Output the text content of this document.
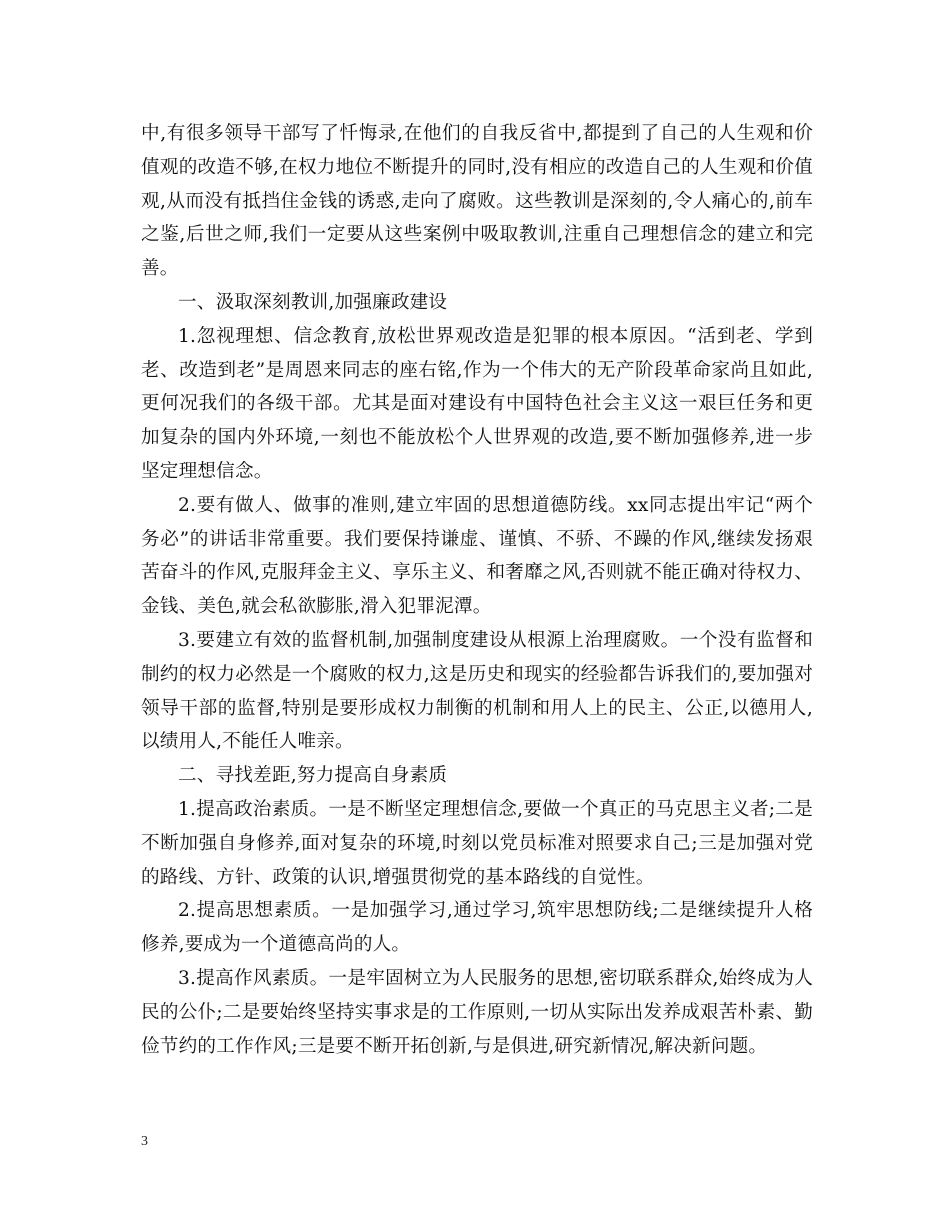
中,有很多领导干部写了忏悔录,在他们的自我反省中,都提到了自己的人生观和价值观的改造不够,在权力地位不断提升的同时,没有相应的改造自己的人生观和价值观,从而没有抵挡住金钱的诱惑,走向了腐败。这些教训是深刻的,令人痛心的,前车之鉴,后世之师,我们一定要从这些案例中吸取教训,注重自己理想信念的建立和完善。

一、汲取深刻教训,加强廉政建设

1.忽视理想、信念教育,放松世界观改造是犯罪的根本原因。“活到老、学到老、改造到老”是周恩来同志的座右铭,作为一个伟大的无产阶段革命家尚且如此,更何况我们的各级干部。尤其是面对建设有中国特色社会主义这一艰巨任务和更加复杂的国内外环境,一刻也不能放松个人世界观的改造,要不断加强修养,进一步坚定理想信念。

2.要有做人、做事的准则,建立牢固的思想道德防线。xx同志提出牢记“两个务必”的讲话非常重要。我们要保持谦虚、谨慎、不骄、不躁的作风,继续发扬艰苦奋斗的作风,克服拜金主义、享乐主义、和奢靡之风,否则就不能正确对待权力、金钱、美色,就会私欲膨胀,滑入犯罪泥潭。

3.要建立有效的监督机制,加强制度建设从根源上治理腐败。一个没有监督和制约的权力必然是一个腐败的权力,这是历史和现实的经验都告诉我们的,要加强对领导干部的监督,特别是要形成权力制衡的机制和用人上的民主、公正,以德用人,以绩用人,不能任人唯亲。

二、寻找差距,努力提高自身素质

1.提高政治素质。一是不断坚定理想信念,要做一个真正的马克思主义者;二是不断加强自身修养,面对复杂的环境,时刻以党员标准对照要求自己;三是加强对党的路线、方针、政策的认识,增强贯彻党的基本路线的自觉性。

2.提高思想素质。一是加强学习,通过学习,筑牢思想防线;二是继续提升人格修养,要成为一个道德高尚的人。

3.提高作风素质。一是牢固树立为人民服务的思想,密切联系群众,始终成为人民的公仆;二是要始终坚持实事求是的工作原则,一切从实际出发养成艰苦朴素、勤俭节约的工作作风;三是要不断开拓创新,与是俱进,研究新情况,解决新问题。

3
